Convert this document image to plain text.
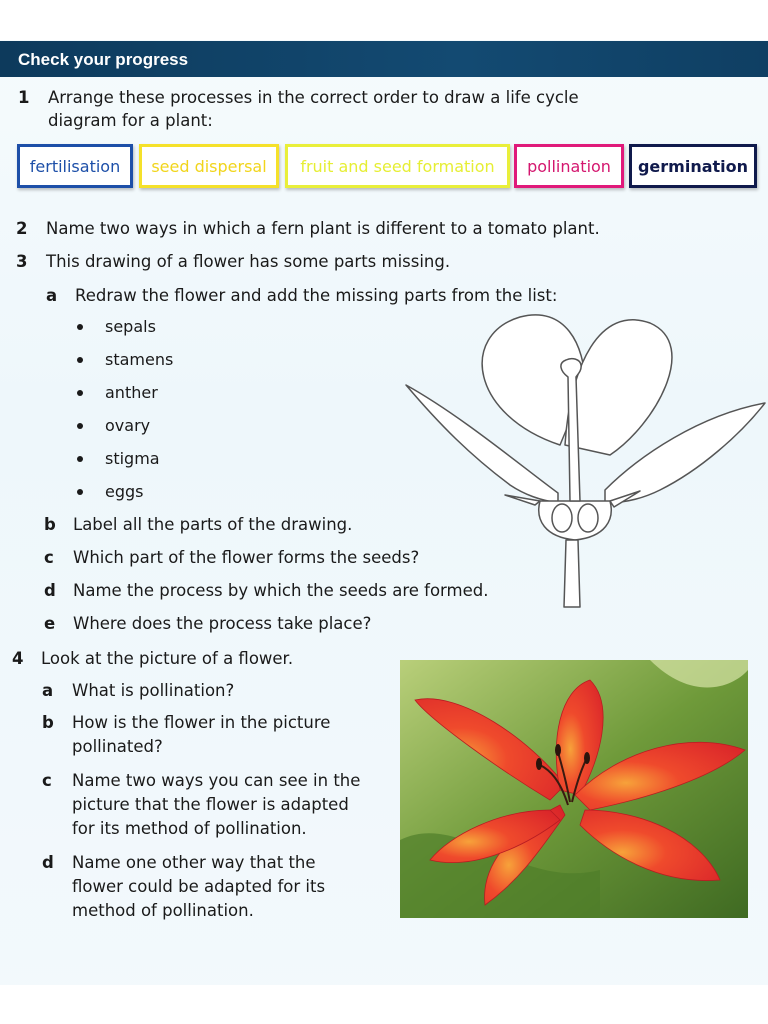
Check your progress
1 Arrange these processes in the correct order to draw a life cycle
diagram for a plant:
fertilisation	seed dispersal	fruit and seed formation	pollination	germination
2 Name two ways in which a fern plant is different to a tomato plant.
3 This drawing of a flower has some parts missing.
a Redraw the flower and add the missing parts from the list:
sepals
stamens
anther
ovary
stigma
eggs
b Label all the parts of the drawing.
c Which part of the flower forms the seeds?
d Name the process by which the seeds are formed.
e Where does the process take place?
4 Look at the picture of a flower.
a What is pollination?
b How is the flower in the picture
pollinated?
c Name two ways you can see in the
picture that the flower is adapted
for its method of pollination.
d Name one other way that the
flower could be adapted for its
method of pollination.
